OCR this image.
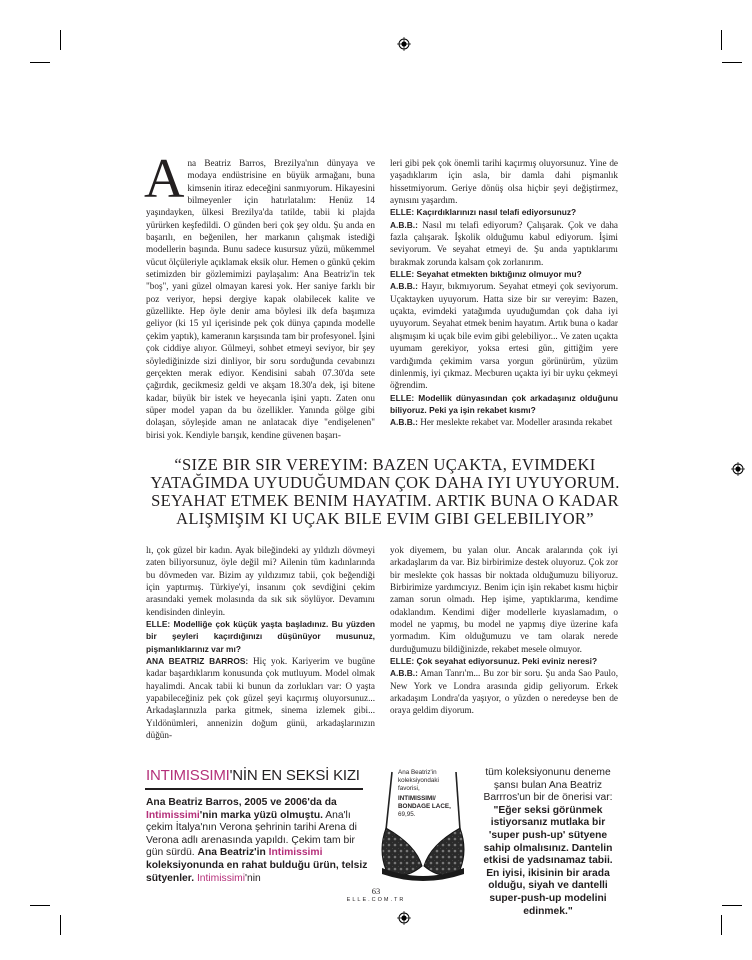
Ana Beatriz Barros, Brezilya'nın dünyaya ve modaya endüstrisine en büyük armağanı, buna kimsenin itiraz edeceğini sanmıyorum. Hikayesini bilmeyenler için hatırlatalım: Henüz 14 yaşındayken, ülkesi Brezilya'da tatilde, tabii ki plajda yürürken keşfedildi. O günden beri çok şey oldu. Şu anda en başarılı, en beğenilen, her markanın çalışmak istediği modellerin başında. Bunu sadece kusursuz yüzü, mükemmel vücut ölçüleriyle açıklamak eksik olur. Hemen o günkü çekim setimizden bir gözlemimizi paylaşalım: Ana Beatriz'in tek "boş", yani güzel olmayan karesi yok. Her saniye farklı bir poz veriyor, hepsi dergiye kapak olabilecek kalite ve güzellikte. Hep öyle denir ama böylesi ilk defa başımıza geliyor (ki 15 yıl içerisinde pek çok dünya çapında modelle çekim yaptık), kameranın karşısında tam bir profesyonel. İşini çok ciddiye alıyor. Gülmeyi, sohbet etmeyi seviyor, bir şey söylediğinizde sizi dinliyor, bir soru sorduğunda cevabınızı gerçekten merak ediyor. Kendisini sabah 07.30'da sete çağırdık, gecikmesiz geldi ve akşam 18.30'a dek, işi bitene kadar, büyük bir istek ve heyecanla işini yaptı. Zaten onu süper model yapan da bu özellikler. Yanında gölge gibi dolaşan, söyleşide aman ne anlatacak diye "endişelenen" birisi yok. Kendiyle barışık, kendine güvenen başarı-

leri gibi pek çok önemli tarihi kaçırmış oluyorsunuz. Yine de yaşadıklarım için asla, bir damla dahi pişmanlık hissetmiyorum. Geriye dönüş olsa hiçbir şeyi değiştirmez, aynısını yaşardım.

ELLE: Kaçırdıklarınızı nasıl telafi ediyorsunuz?

A.B.B.: Nasıl mı telafi ediyorum? Çalışarak. Çok ve daha fazla çalışarak. İşkolik olduğumu kabul ediyorum. İşimi seviyorum. Ve seyahat etmeyi de. Şu anda yaptıklarımı bırakmak zorunda kalsam çok zorlanırım.

ELLE: Seyahat etmekten bıktığınız olmuyor mu?

A.B.B.: Hayır, bıkmıyorum. Seyahat etmeyi çok seviyorum. Uçaktayken uyuyorum. Hatta size bir sır vereyim: Bazen, uçakta, evimdeki yatağımda uyuduğumdan çok daha iyi uyuyorum. Seyahat etmek benim hayatım. Artık buna o kadar alışmışım ki uçak bile evim gibi gelebiliyor... Ve zaten uçakta uyumam gerekiyor, yoksa ertesi gün, gittiğim yere vardığımda çekimim varsa yorgun görünürüm, yüzüm dinlenmiş, iyi çıkmaz. Mecburen uçakta iyi bir uyku çekmeyi öğrendim.

ELLE: Modellik dünyasından çok arkadaşınız olduğunu biliyoruz. Peki ya işin rekabet kısmı?

A.B.B.: Her meslekte rekabet var. Modeller arasında rekabet

“SIZE BIR SIR VEREYIM: BAZEN UÇAKTA, EVIMDEKI YATAĞIMDA UYUDUĞUMDAN ÇOK DAHA IYI UYUYORUM. SEYAHAT ETMEK BENIM HAYATIM. ARTIK BUNA O KADAR ALIŞMIŞIM KI UÇAK BILE EVIM GIBI GELEBILIYOR”

lı, çok güzel bir kadın. Ayak bileğindeki ay yıldızlı dövmeyi zaten biliyorsunuz, öyle değil mi? Ailenin tüm kadınlarında bu dövmeden var. Bizim ay yıldızımız tabii, çok beğendiği için yaptırmış. Türkiye'yi, insanını çok sevdiğini çekim arasındaki yemek molasında da sık sık söylüyor. Devamını kendisinden dinleyin.

ELLE: Modelliğe çok küçük yaşta başladınız. Bu yüzden bir şeyleri kaçırdığınızı düşünüyor musunuz, pişmanlıklarınız var mı?

ANA BEATRIZ BARROS: Hiç yok. Kariyerim ve bugüne kadar başardıklarım konusunda çok mutluyum. Model olmak hayalimdi. Ancak tabii ki bunun da zorlukları var: O yaşta yapabileceğiniz pek çok güzel şeyi kaçırmış oluyorsunuz... Arkadaşlarınızla parka gitmek, sinema izlemek gibi... Yıldönümleri, annenizin doğum günü, arkadaşlarınızın düğün-

yok diyemem, bu yalan olur. Ancak aralarında çok iyi arkadaşlarım da var. Biz birbirimize destek oluyoruz. Çok zor bir meslekte çok hassas bir noktada olduğumuzu biliyoruz. Birbirimize yardımcıyız. Benim için işin rekabet kısmı hiçbir zaman sorun olmadı. Hep işime, yaptıklarıma, kendime odaklandım. Kendimi diğer modellerle kıyaslamadım, o model ne yapmış, bu model ne yapmış diye üzerine kafa yormadım. Kim olduğumuzu ve tam olarak nerede durduğumuzu bildiğinizde, rekabet mesele olmuyor.

ELLE: Çok seyahat ediyorsunuz. Peki eviniz neresi?

A.B.B.: Aman Tanrı'm... Bu zor bir soru. Şu anda Sao Paulo, New York ve Londra arasında gidip geliyorum. Erkek arkadaşım Londra'da yaşıyor, o yüzden o neredeyse ben de oraya geldim diyorum.

INTIMISSIMI'NİN EN SEKSİ KIZI
Ana Beatriz Barros, 2005 ve 2006'da da Intimissimi'nin marka yüzü olmuştu. Ana'lı çekim İtalya'nın Verona şehrinin tarihi Arena di Verona adlı arenasında yapıldı. Çekim tam bir gün sürdü. Ana Beatriz'in Intimissimi koleksiyonunda en rahat bulduğu ürün, telsiz sütyenler. Intimissimi'nin
Ana Beatriz'in koleksiyondaki favorisi,
INTIMISSIMI/ BONDAGE LACE,
69,95.
tüm koleksiyonunu deneme şansı bulan Ana Beatriz Barrros'un bir de önerisi var: "Eğer seksi görünmek istiyorsanız mutlaka bir 'super push-up' sütyene sahip olmalısınız. Dantelin etkisi de yadsınamaz tabii. En iyisi, ikisinin bir arada olduğu, siyah ve dantelli super-push-up modelini edinmek."
63
ELLE.COM.TR
